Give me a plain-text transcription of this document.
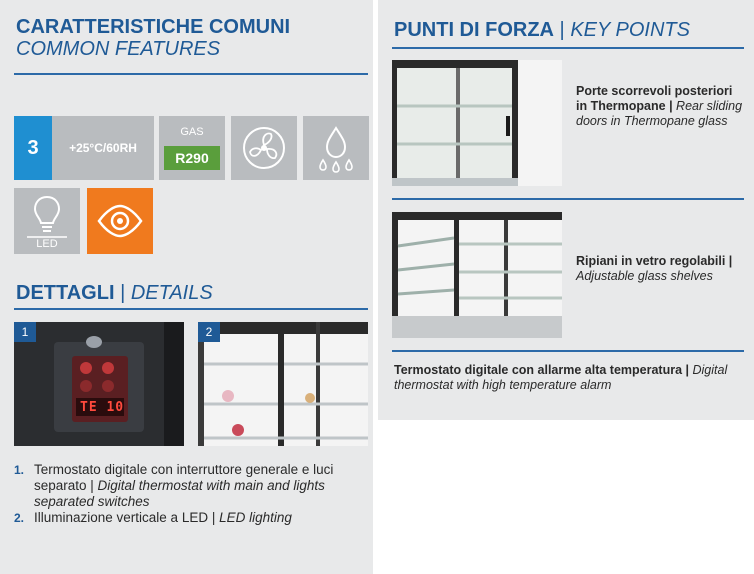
CARATTERISTICHE COMUNI
COMMON FEATURES
3	+25°C/60RH
GAS
R290
LED
DETTAGLI | DETAILS
1
TE 10
2
1. Termostato digitale con interruttore generale e luci separato | Digital thermostat with main and lights separated switches
2. Illuminazione verticale a LED | LED lighting
PUNTI DI FORZA | KEY POINTS
Porte scorrevoli posteriori in Thermopane | Rear sliding doors in Thermopane glass
Ripiani in vetro regolabili | Adjustable glass shelves
Termostato digitale con allarme alta temperatura | Digital thermostat with high temperature alarm
